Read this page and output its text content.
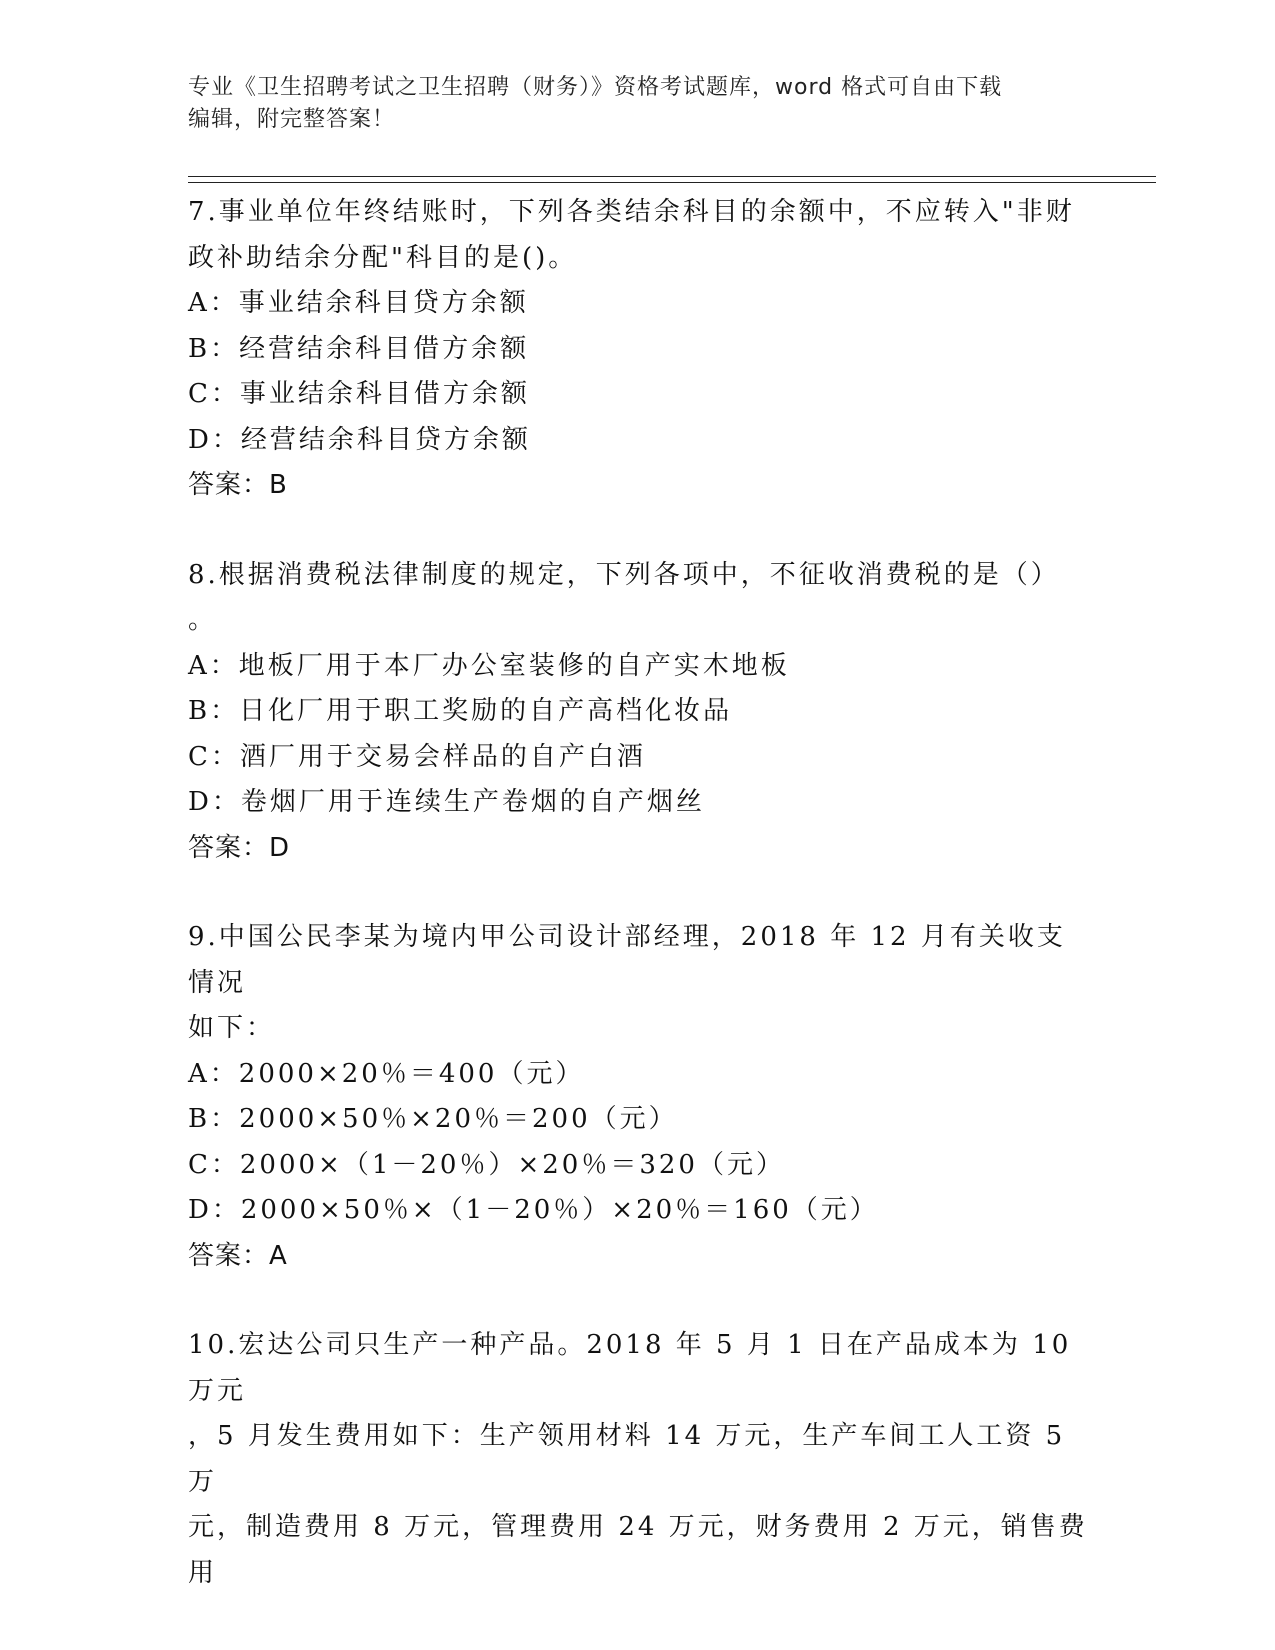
专业《卫生招聘考试之卫生招聘（财务）》资格考试题库，word 格式可自由下载
编辑，附完整答案！

7.事业单位年终结账时，下列各类结余科目的余额中，不应转入"非财

政补助结余分配"科目的是()。

A：事业结余科目贷方余额

B：经营结余科目借方余额

C：事业结余科目借方余额

D：经营结余科目贷方余额

答案：B

8.根据消费税法律制度的规定，下列各项中，不征收消费税的是（）

。

A：地板厂用于本厂办公室装修的自产实木地板

B：日化厂用于职工奖励的自产高档化妆品

C：酒厂用于交易会样品的自产白酒

D：卷烟厂用于连续生产卷烟的自产烟丝

答案：D

9.中国公民李某为境内甲公司设计部经理，2018 年 12 月有关收支情况

如下：

A：2000×20％＝400（元）

B：2000×50％×20％＝200（元）

C：2000×（1－20％）×20％＝320（元）

D：2000×50％×（1－20％）×20％＝160（元）

答案：A

10.宏达公司只生产一种产品。2018 年 5 月 1 日在产品成本为 10 万元

，5 月发生费用如下：生产领用材料 14 万元，生产车间工人工资 5 万

元，制造费用 8 万元，管理费用 24 万元，财务费用 2 万元，销售费用
